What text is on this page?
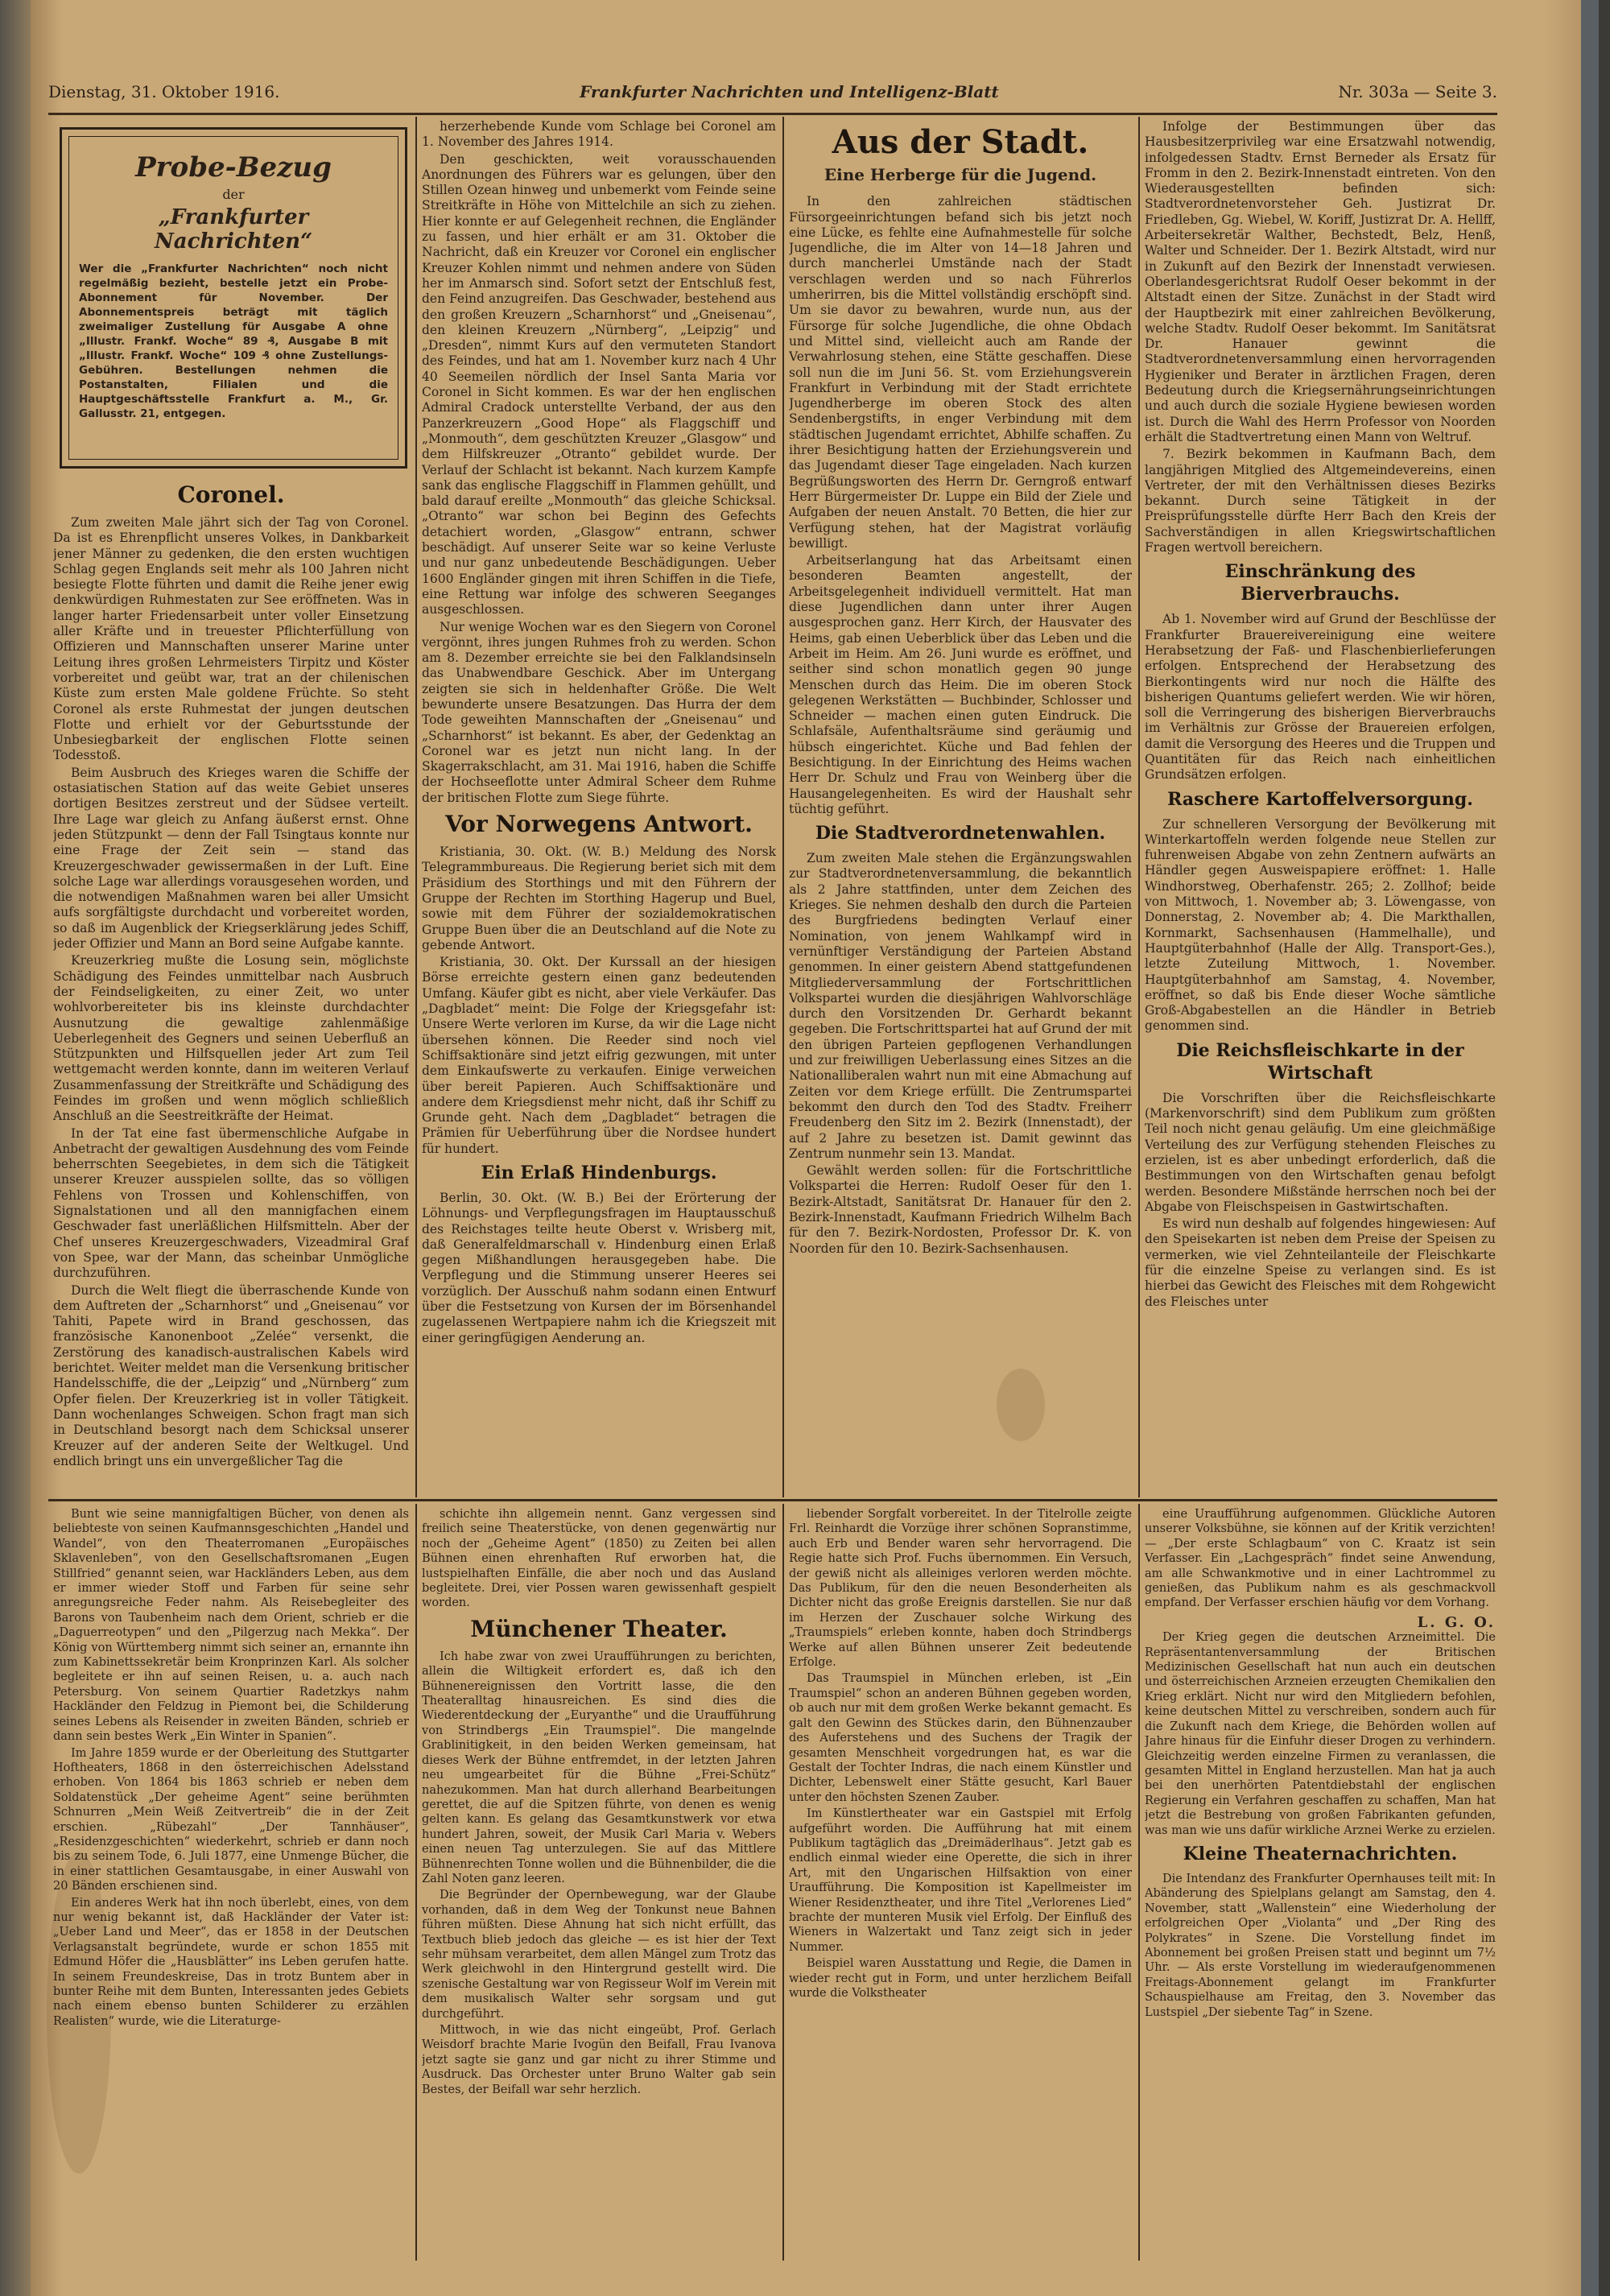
Dienstag, 31. Oktober 1916.	Frankfurter Nachrichten und Intelligenz-Blatt	Nr. 303a — Seite 3.
Probe-Bezug
der
„Frankfurter Nachrichten“
Wer die „Frankfurter Nachrichten“ noch nicht regelmäßig bezieht, bestelle jetzt ein Probe-Abonnement für November. Der Abonnementspreis beträgt mit täglich zweimaliger Zustellung für Ausgabe A ohne „Illustr. Frankf. Woche“ 89 ₰, Ausgabe B mit „Illustr. Frankf. Woche“ 109 ₰ ohne Zustellungs-Gebühren. Bestellungen nehmen die Postanstalten, Filialen und die Hauptgeschäftsstelle Frankfurt a. M., Gr. Gallusstr. 21, entgegen.
Coronel.

Zum zweiten Male jährt sich der Tag von Coronel. Da ist es Ehrenpflicht unseres Volkes, in Dankbarkeit jener Männer zu gedenken, die den ersten wuchtigen Schlag gegen Englands seit mehr als 100 Jahren nicht besiegte Flotte führten und damit die Reihe jener ewig denkwürdigen Ruhmestaten zur See eröffneten. Was in langer harter Friedensarbeit unter voller Einsetzung aller Kräfte und in treuester Pflichterfüllung von Offizieren und Mannschaften unserer Marine unter Leitung ihres großen Lehrmeisters Tirpitz und Köster vorbereitet und geübt war, trat an der chilenischen Küste zum ersten Male goldene Früchte. So steht Coronel als erste Ruhmestat der jungen deutschen Flotte und erhielt vor der Geburtsstunde der Unbesiegbarkeit der englischen Flotte seinen Todesstoß.

Beim Ausbruch des Krieges waren die Schiffe der ostasiatischen Station auf das weite Gebiet unseres dortigen Besitzes zerstreut und der Südsee verteilt. Ihre Lage war gleich zu Anfang äußerst ernst. Ohne jeden Stützpunkt — denn der Fall Tsingtaus konnte nur eine Frage der Zeit sein — stand das Kreuzergeschwader gewissermaßen in der Luft. Eine solche Lage war allerdings vorausgesehen worden, und die notwendigen Maßnahmen waren bei aller Umsicht aufs sorgfältigste durchdacht und vorbereitet worden, so daß im Augenblick der Kriegserklärung jedes Schiff, jeder Offizier und Mann an Bord seine Aufgabe kannte.

Kreuzerkrieg mußte die Losung sein, möglichste Schädigung des Feindes unmittelbar nach Ausbruch der Feindseligkeiten, zu einer Zeit, wo unter wohlvorbereiteter bis ins kleinste durchdachter Ausnutzung die gewaltige zahlenmäßige Ueberlegenheit des Gegners und seinen Ueberfluß an Stützpunkten und Hilfsquellen jeder Art zum Teil wettgemacht werden konnte, dann im weiteren Verlauf Zusammenfassung der Streitkräfte und Schädigung des Feindes im großen und wenn möglich schließlich Anschluß an die Seestreitkräfte der Heimat.

In der Tat eine fast übermenschliche Aufgabe in Anbetracht der gewaltigen Ausdehnung des vom Feinde beherrschten Seegebietes, in dem sich die Tätigkeit unserer Kreuzer ausspielen sollte, das so völligen Fehlens von Trossen und Kohlenschiffen, von Signalstationen und all den mannigfachen einem Geschwader fast unerläßlichen Hilfsmitteln. Aber der Chef unseres Kreuzergeschwaders, Vizeadmiral Graf von Spee, war der Mann, das scheinbar Unmögliche durchzuführen.

Durch die Welt fliegt die überraschende Kunde von dem Auftreten der „Scharnhorst“ und „Gneisenau“ vor Tahiti, Papete wird in Brand geschossen, das französische Kanonenboot „Zelée“ versenkt, die Zerstörung des kanadisch-australischen Kabels wird berichtet. Weiter meldet man die Versenkung britischer Handelsschiffe, die der „Leipzig“ und „Nürnberg“ zum Opfer fielen. Der Kreuzerkrieg ist in voller Tätigkeit. Dann wochenlanges Schweigen. Schon fragt man sich in Deutschland besorgt nach dem Schicksal unserer Kreuzer auf der anderen Seite der Weltkugel. Und endlich bringt uns ein unvergeßlicher Tag die

herzerhebende Kunde vom Schlage bei Coronel am 1. November des Jahres 1914.

Den geschickten, weit vorausschauenden Anordnungen des Führers war es gelungen, über den Stillen Ozean hinweg und unbemerkt vom Feinde seine Streitkräfte in Höhe von Mittelchile an sich zu ziehen. Hier konnte er auf Gelegenheit rechnen, die Engländer zu fassen, und hier erhält er am 31. Oktober die Nachricht, daß ein Kreuzer vor Coronel ein englischer Kreuzer Kohlen nimmt und nehmen andere von Süden her im Anmarsch sind. Sofort setzt der Entschluß fest, den Feind anzugreifen. Das Geschwader, bestehend aus den großen Kreuzern „Scharnhorst“ und „Gneisenau“, den kleinen Kreuzern „Nürnberg“, „Leipzig“ und „Dresden“, nimmt Kurs auf den vermuteten Standort des Feindes, und hat am 1. November kurz nach 4 Uhr 40 Seemeilen nördlich der Insel Santa Maria vor Coronel in Sicht kommen. Es war der hen englischen Admiral Cradock unterstellte Verband, der aus den Panzerkreuzern „Good Hope“ als Flaggschiff und „Monmouth“, dem geschützten Kreuzer „Glasgow“ und dem Hilfskreuzer „Otranto“ gebildet wurde. Der Verlauf der Schlacht ist bekannt. Nach kurzem Kampfe sank das englische Flaggschiff in Flammen gehüllt, und bald darauf ereilte „Monmouth“ das gleiche Schicksal. „Otranto“ war schon bei Beginn des Gefechts detachiert worden, „Glasgow“ entrann, schwer beschädigt. Auf unserer Seite war so keine Verluste und nur ganz unbedeutende Beschädigungen. Ueber 1600 Engländer gingen mit ihren Schiffen in die Tiefe, eine Rettung war infolge des schweren Seeganges ausgeschlossen.

Nur wenige Wochen war es den Siegern von Coronel vergönnt, ihres jungen Ruhmes froh zu werden. Schon am 8. Dezember erreichte sie bei den Falklandsinseln das Unabwendbare Geschick. Aber im Untergang zeigten sie sich in heldenhafter Größe. Die Welt bewunderte unsere Besatzungen. Das Hurra der dem Tode geweihten Mannschaften der „Gneisenau“ und „Scharnhorst“ ist bekannt. Es aber, der Gedenktag an Coronel war es jetzt nun nicht lang. In der Skagerrakschlacht, am 31. Mai 1916, haben die Schiffe der Hochseeflotte unter Admiral Scheer dem Ruhme der britischen Flotte zum Siege führte.

Vor Norwegens Antwort.

Kristiania, 30. Okt. (W. B.) Meldung des Norsk Telegrammbureaus. Die Regierung beriet sich mit dem Präsidium des Storthings und mit den Führern der Gruppe der Rechten im Storthing Hagerup und Buel, sowie mit dem Führer der sozialdemokratischen Gruppe Buen über die an Deutschland auf die Note zu gebende Antwort.

Kristiania, 30. Okt. Der Kurssall an der hiesigen Börse erreichte gestern einen ganz bedeutenden Umfang. Käufer gibt es nicht, aber viele Verkäufer. Das „Dagbladet“ meint: Die Folge der Kriegsgefahr ist: Unsere Werte verloren im Kurse, da wir die Lage nicht übersehen können. Die Reeder sind noch viel Schiffsaktionäre sind jetzt eifrig gezwungen, mit unter dem Einkaufswerte zu verkaufen. Einige verweichen über bereit Papieren. Auch Schiffsaktionäre und andere dem Kriegsdienst mehr nicht, daß ihr Schiff zu Grunde geht. Nach dem „Dagbladet“ betragen die Prämien für Ueberführung über die Nordsee hundert für hundert.

Ein Erlaß Hindenburgs.

Berlin, 30. Okt. (W. B.) Bei der Erörterung der Löhnungs- und Verpflegungsfragen im Hauptausschuß des Reichstages teilte heute Oberst v. Wrisberg mit, daß Generalfeldmarschall v. Hindenburg einen Erlaß gegen Mißhandlungen herausgegeben habe. Die Verpflegung und die Stimmung unserer Heeres sei vorzüglich. Der Ausschuß nahm sodann einen Entwurf über die Festsetzung von Kursen der im Börsenhandel zugelassenen Wertpapiere nahm ich die Kriegszeit mit einer geringfügigen Aenderung an.

Aus der Stadt.
Eine Herberge für die Jugend.

In den zahlreichen städtischen Fürsorgeeinrichtungen befand sich bis jetzt noch eine Lücke, es fehlte eine Aufnahmestelle für solche Jugendliche, die im Alter von 14—18 Jahren und durch mancherlei Umstände nach der Stadt verschlagen werden und so nach Führerlos umherirren, bis die Mittel vollständig erschöpft sind. Um sie davor zu bewahren, wurde nun, aus der Fürsorge für solche Jugendliche, die ohne Obdach und Mittel sind, vielleicht auch am Rande der Verwahrlosung stehen, eine Stätte geschaffen. Diese soll nun die im Juni 56. St. vom Erziehungsverein Frankfurt in Verbindung mit der Stadt errichtete Jugendherberge im oberen Stock des alten Sendenbergstifts, in enger Verbindung mit dem städtischen Jugendamt errichtet, Abhilfe schaffen. Zu ihrer Besichtigung hatten der Erziehungsverein und das Jugendamt dieser Tage eingeladen. Nach kurzen Begrüßungsworten des Herrn Dr. Gerngroß entwarf Herr Bürgermeister Dr. Luppe ein Bild der Ziele und Aufgaben der neuen Anstalt. 70 Betten, die hier zur Verfügung stehen, hat der Magistrat vorläufig bewilligt.

Arbeitserlangung hat das Arbeitsamt einen besonderen Beamten angestellt, der Arbeitsgelegenheit individuell vermittelt. Hat man diese Jugendlichen dann unter ihrer Augen ausgesprochen ganz. Herr Kirch, der Hausvater des Heims, gab einen Ueberblick über das Leben und die Arbeit im Heim. Am 26. Juni wurde es eröffnet, und seither sind schon monatlich gegen 90 junge Menschen durch das Heim. Die im oberen Stock gelegenen Werkstätten — Buchbinder, Schlosser und Schneider — machen einen guten Eindruck. Die Schlafsäle, Aufenthaltsräume sind geräumig und hübsch eingerichtet. Küche und Bad fehlen der Besichtigung. In der Einrichtung des Heims wachen Herr Dr. Schulz und Frau von Weinberg über die Hausangelegenheiten. Es wird der Haushalt sehr tüchtig geführt.

Die Stadtverordnetenwahlen.

Zum zweiten Male stehen die Ergänzungswahlen zur Stadtverordnetenversammlung, die bekanntlich als 2 Jahre stattfinden, unter dem Zeichen des Krieges. Sie nehmen deshalb den durch die Parteien des Burgfriedens bedingten Verlauf einer Nomination, von jenem Wahlkampf wird in vernünftiger Verständigung der Parteien Abstand genommen. In einer geistern Abend stattgefundenen Mitgliederversammlung der Fortschrittlichen Volkspartei wurden die diesjährigen Wahlvorschläge durch den Vorsitzenden Dr. Gerhardt bekannt gegeben. Die Fortschrittspartei hat auf Grund der mit den übrigen Parteien gepflogenen Verhandlungen und zur freiwilligen Ueberlassung eines Sitzes an die Nationalliberalen wahrt nun mit eine Abmachung auf Zeiten vor dem Kriege erfüllt. Die Zentrumspartei bekommt den durch den Tod des Stadtv. Freiherr Freudenberg den Sitz im 2. Bezirk (Innenstadt), der auf 2 Jahre zu besetzen ist. Damit gewinnt das Zentrum nunmehr sein 13. Mandat.

Gewählt werden sollen: für die Fortschrittliche Volkspartei die Herren: Rudolf Oeser für den 1. Bezirk-Altstadt, Sanitätsrat Dr. Hanauer für den 2. Bezirk-Innenstadt, Kaufmann Friedrich Wilhelm Bach für den 7. Bezirk-Nordosten, Professor Dr. K. von Noorden für den 10. Bezirk-Sachsenhausen.

Infolge der Bestimmungen über das Hausbesitzerprivileg war eine Ersatzwahl notwendig, infolgedessen Stadtv. Ernst Berneder als Ersatz für Fromm in den 2. Bezirk-Innenstadt eintreten. Von den Wiederausgestellten befinden sich: Stadtverordnetenvorsteher Geh. Justizrat Dr. Friedleben, Gg. Wiebel, W. Koriff, Justizrat Dr. A. Hellff, Arbeitersekretär Walther, Bechstedt, Belz, Henß, Walter und Schneider. Der 1. Bezirk Altstadt, wird nur in Zukunft auf den Bezirk der Innenstadt verwiesen. Oberlandesgerichtsrat Rudolf Oeser bekommt in der Altstadt einen der Sitze. Zunächst in der Stadt wird der Hauptbezirk mit einer zahlreichen Bevölkerung, welche Stadtv. Rudolf Oeser bekommt. Im Sanitätsrat Dr. Hanauer gewinnt die Stadtverordnetenversammlung einen hervorragenden Hygieniker und Berater in ärztlichen Fragen, deren Bedeutung durch die Kriegsernährungseinrichtungen und auch durch die soziale Hygiene bewiesen worden ist. Durch die Wahl des Herrn Professor von Noorden erhält die Stadtvertretung einen Mann von Weltruf.

7. Bezirk bekommen in Kaufmann Bach, dem langjährigen Mitglied des Altgemeindevereins, einen Vertreter, der mit den Verhältnissen dieses Bezirks bekannt. Durch seine Tätigkeit in der Preisprüfungsstelle dürfte Herr Bach den Kreis der Sachverständigen in allen Kriegswirtschaftlichen Fragen wertvoll bereichern.

Einschränkung des Bierverbrauchs.

Ab 1. November wird auf Grund der Beschlüsse der Frankfurter Brauereivereinigung eine weitere Herabsetzung der Faß- und Flaschenbierlieferungen erfolgen. Entsprechend der Herabsetzung des Bierkontingents wird nur noch die Hälfte des bisherigen Quantums geliefert werden. Wie wir hören, soll die Verringerung des bisherigen Bierverbrauchs im Verhältnis zur Grösse der Brauereien erfolgen, damit die Versorgung des Heeres und die Truppen und Quantitäten für das Reich nach einheitlichen Grundsätzen erfolgen.

Raschere Kartoffelversorgung.

Zur schnelleren Versorgung der Bevölkerung mit Winterkartoffeln werden folgende neue Stellen zur fuhrenweisen Abgabe von zehn Zentnern aufwärts an Händler gegen Ausweispapiere eröffnet: 1. Halle Windhorstweg, Oberhafenstr. 265; 2. Zollhof; beide von Mittwoch, 1. November ab; 3. Löwengasse, von Donnerstag, 2. November ab; 4. Die Markthallen, Kornmarkt, Sachsenhausen (Hammelhalle), und Hauptgüterbahnhof (Halle der Allg. Transport-Ges.), letzte Zuteilung Mittwoch, 1. November. Hauptgüterbahnhof am Samstag, 4. November, eröffnet, so daß bis Ende dieser Woche sämtliche Groß-Abgabestellen an die Händler in Betrieb genommen sind.

Die Reichsfleischkarte in der Wirtschaft

Die Vorschriften über die Reichsfleischkarte (Markenvorschrift) sind dem Publikum zum größten Teil noch nicht genau geläufig. Um eine gleichmäßige Verteilung des zur Verfügung stehenden Fleisches zu erzielen, ist es aber unbedingt erforderlich, daß die Bestimmungen von den Wirtschaften genau befolgt werden. Besondere Mißstände herrschen noch bei der Abgabe von Fleischspeisen in Gastwirtschaften.

Es wird nun deshalb auf folgendes hingewiesen: Auf den Speisekarten ist neben dem Preise der Speisen zu vermerken, wie viel Zehnteilanteile der Fleischkarte für die einzelne Speise zu verlangen sind. Es ist hierbei das Gewicht des Fleisches mit dem Rohgewicht des Fleisches unter

Bunt wie seine mannigfaltigen Bücher, von denen als beliebteste von seinen Kaufmannsgeschichten „Handel und Wandel“, von den Theaterromanen „Europäisches Sklavenleben“, von den Gesellschaftsromanen „Eugen Stillfried“ genannt seien, war Hackländers Leben, aus dem er immer wieder Stoff und Farben für seine sehr anregungsreiche Feder nahm. Als Reisebegleiter des Barons von Taubenheim nach dem Orient, schrieb er die „Daguerreotypen“ und den „Pilgerzug nach Mekka“. Der König von Württemberg nimmt sich seiner an, ernannte ihn zum Kabinettssekretär beim Kronprinzen Karl. Als solcher begleitete er ihn auf seinen Reisen, u. a. auch nach Petersburg. Von seinem Quartier Radetzkys nahm Hackländer den Feldzug in Piemont bei, die Schilderung seines Lebens als Reisender in zweiten Bänden, schrieb er dann sein bestes Werk „Ein Winter in Spanien“.

Im Jahre 1859 wurde er der Oberleitung des Stuttgarter Hoftheaters, 1868 in den österreichischen Adelsstand erhoben. Von 1864 bis 1863 schrieb er neben dem Soldatenstück „Der geheime Agent“ seine berühmten Schnurren „Mein Weiß Zeitvertreib“ die in der Zeit erschien. „Rübezahl“ „Der Tannhäuser“, „Residenzgeschichten“ wiederkehrt, schrieb er dann noch bis zu seinem Tode, 6. Juli 1877, eine Unmenge Bücher, die in einer stattlichen Gesamtausgabe, in einer Auswahl von 20 Bänden erschienen sind.

Ein anderes Werk hat ihn noch überlebt, eines, von dem nur wenig bekannt ist, daß Hackländer der Vater ist: „Ueber Land und Meer“, das er 1858 in der Deutschen Verlagsanstalt begründete, wurde er schon 1855 mit Edmund Höfer die „Hausblätter“ ins Leben gerufen hatte. In seinem Freundeskreise, Das in trotz Buntem aber in bunter Reihe mit dem Bunten, Interessanten jedes Gebiets nach einem ebenso bunten Schilderer zu erzählen Realisten“ wurde, wie die Literaturge-

schichte ihn allgemein nennt. Ganz vergessen sind freilich seine Theaterstücke, von denen gegenwärtig nur noch der „Geheime Agent“ (1850) zu Zeiten bei allen Bühnen einen ehrenhaften Ruf erworben hat, die lustspielhaften Einfälle, die aber noch und das Ausland begleitete. Drei, vier Possen waren gewissenhaft gespielt worden.

Münchener Theater.

Ich habe zwar von zwei Uraufführungen zu berichten, allein die Wiltigkeit erfordert es, daß ich den Bühnenereignissen den Vortritt lasse, die den Theateralltag hinausreichen. Es sind dies die Wiederentdeckung der „Euryanthe“ und die Uraufführung von Strindbergs „Ein Traumspiel“. Die mangelnde Grablinitigkeit, in den beiden Werken gemeinsam, hat dieses Werk der Bühne entfremdet, in der letzten Jahren neu umgearbeitet für die Bühne „Frei-Schütz“ nahezukommen. Man hat durch allerhand Bearbeitungen gerettet, die auf die Spitzen führte, von denen es wenig gelten kann. Es gelang das Gesamtkunstwerk vor etwa hundert Jahren, soweit, der Musik Carl Maria v. Webers einen neuen Tag unterzulegen. Sie auf das Mittlere Bühnenrechten Tonne wollen und die Bühnenbilder, die die Zahl Noten ganz leeren.

Die Begründer der Opernbewegung, war der Glaube vorhanden, daß in dem Weg der Tonkunst neue Bahnen führen müßten. Diese Ahnung hat sich nicht erfüllt, das Textbuch blieb jedoch das gleiche — es ist hier der Text sehr mühsam verarbeitet, dem allen Mängel zum Trotz das Werk gleichwohl in den Hintergrund gestellt wird. Die szenische Gestaltung war von Regisseur Wolf im Verein mit dem musikalisch Walter sehr sorgsam und gut durchgeführt.

Mittwoch, in wie das nicht eingeübt, Prof. Gerlach Weisdorf brachte Marie Ivogün den Beifall, Frau Ivanova jetzt sagte sie ganz und gar nicht zu ihrer Stimme und Ausdruck. Das Orchester unter Bruno Walter gab sein Bestes, der Beifall war sehr herzlich.

liebender Sorgfalt vorbereitet. In der Titelrolle zeigte Frl. Reinhardt die Vorzüge ihrer schönen Sopranstimme, auch Erb und Bender waren sehr hervorragend. Die Regie hatte sich Prof. Fuchs übernommen. Ein Versuch, der gewiß nicht als alleiniges verloren werden möchte. Das Publikum, für den die neuen Besonderheiten als Dichter nicht das große Ereignis darstellen. Sie nur daß im Herzen der Zuschauer solche Wirkung des „Traumspiels“ erleben konnte, haben doch Strindbergs Werke auf allen Bühnen unserer Zeit bedeutende Erfolge.

Das Traumspiel in München erleben, ist „Ein Traumspiel“ schon an anderen Bühnen gegeben worden, ob auch nur mit dem großen Werke bekannt gemacht. Es galt den Gewinn des Stückes darin, den Bühnenzauber des Auferstehens und des Suchens der Tragik der gesamten Menschheit vorgedrungen hat, es war die Gestalt der Tochter Indras, die nach einem Künstler und Dichter, Lebenswelt einer Stätte gesucht, Karl Bauer unter den höchsten Szenen Zauber.

Im Künstlertheater war ein Gastspiel mit Erfolg aufgeführt worden. Die Aufführung hat mit einem Publikum tagtäglich das „Dreimäderlhaus“. Jetzt gab es endlich einmal wieder eine Operette, die sich in ihrer Art, mit den Ungarischen Hilfsaktion von einer Uraufführung. Die Komposition ist Kapellmeister im Wiener Residenztheater, und ihre Titel „Verlorenes Lied“ brachte der munteren Musik viel Erfolg. Der Einfluß des Wieners in Walzertakt und Tanz zeigt sich in jeder Nummer.

Beispiel waren Ausstattung und Regie, die Damen in wieder recht gut in Form, und unter herzlichem Beifall wurde die Volkstheater

eine Uraufführung aufgenommen. Glückliche Autoren unserer Volksbühne, sie können auf der Kritik verzichten! — „Der erste Schlagbaum“ von C. Kraatz ist sein Verfasser. Ein „Lachgespräch“ findet seine Anwendung, am alle Schwankmotive und in einer Lachtrommel zu genießen, das Publikum nahm es als geschmackvoll empfand. Der Verfasser erschien häufig vor dem Vorhang.

L. G. O.

Der Krieg gegen die deutschen Arzneimittel. Die Repräsentantenversammlung der Britischen Medizinischen Gesellschaft hat nun auch ein deutschen und österreichischen Arzneien erzeugten Chemikalien den Krieg erklärt. Nicht nur wird den Mitgliedern befohlen, keine deutschen Mittel zu verschreiben, sondern auch für die Zukunft nach dem Kriege, die Behörden wollen auf Jahre hinaus für die Einfuhr dieser Drogen zu verhindern. Gleichzeitig werden einzelne Firmen zu veranlassen, die gesamten Mittel in England herzustellen. Man hat ja auch bei den unerhörten Patentdiebstahl der englischen Regierung ein Verfahren geschaffen zu schaffen, Man hat jetzt die Bestrebung von großen Fabrikanten gefunden, was man wie uns dafür wirkliche Arznei Werke zu erzielen.

Kleine Theaternachrichten.

Die Intendanz des Frankfurter Opernhauses teilt mit: In Abänderung des Spielplans gelangt am Samstag, den 4. November, statt „Wallenstein“ eine Wiederholung der erfolgreichen Oper „Violanta“ und „Der Ring des Polykrates“ in Szene. Die Vorstellung findet im Abonnement bei großen Preisen statt und beginnt um 7½ Uhr. — Als erste Vorstellung im wiederaufgenommenen Freitags-Abonnement gelangt im Frankfurter Schauspielhause am Freitag, den 3. November das Lustspiel „Der siebente Tag“ in Szene.
